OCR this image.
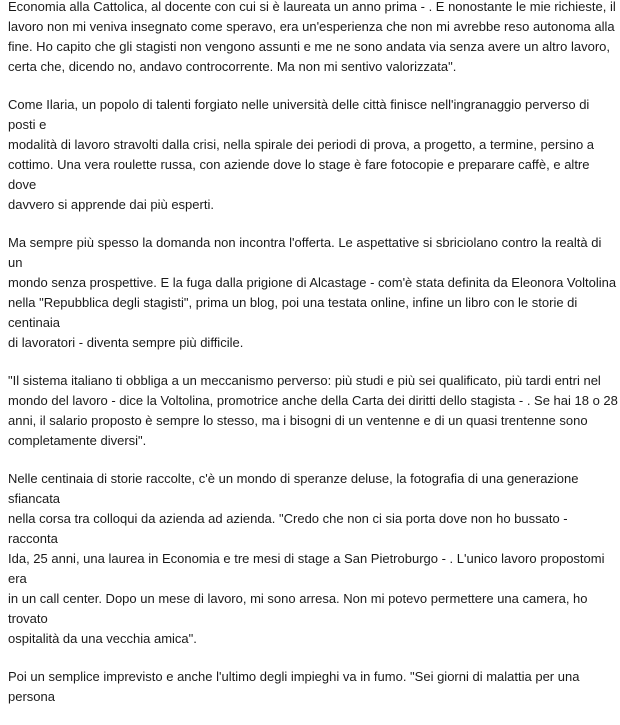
Economia alla Cattolica, al docente con cui si è laureata un anno prima - . E nonostante le mie richieste, il
lavoro non mi veniva insegnato come speravo, era un'esperienza che non mi avrebbe reso autonoma alla
fine. Ho capito che gli stagisti non vengono assunti e me ne sono andata via senza avere un altro lavoro,
certa che, dicendo no, andavo controcorrente. Ma non mi sentivo valorizzata".

Come Ilaria, un popolo di talenti forgiato nelle università delle città finisce nell'ingranaggio perverso di posti e
modalità di lavoro stravolti dalla crisi, nella spirale dei periodi di prova, a progetto, a termine, persino a
cottimo. Una vera roulette russa, con aziende dove lo stage è fare fotocopie e preparare caffè, e altre dove
davvero si apprende dai più esperti.

Ma sempre più spesso la domanda non incontra l'offerta. Le aspettative si sbriciolano contro la realtà di un
mondo senza prospettive. E la fuga dalla prigione di Alcastage - com'è stata definita da Eleonora Voltolina
nella "Repubblica degli stagisti", prima un blog, poi una testata online, infine un libro con le storie di centinaia
di lavoratori - diventa sempre più difficile.

"Il sistema italiano ti obbliga a un meccanismo perverso: più studi e più sei qualificato, più tardi entri nel
mondo del lavoro - dice la Voltolina, promotrice anche della Carta dei diritti dello stagista - . Se hai 18 o 28
anni, il salario proposto è sempre lo stesso, ma i bisogni di un ventenne e di un quasi trentenne sono
completamente diversi".

Nelle centinaia di storie raccolte, c'è un mondo di speranze deluse, la fotografia di una generazione sfiancata
nella corsa tra colloqui da azienda ad azienda. "Credo che non ci sia porta dove non ho bussato - racconta
Ida, 25 anni, una laurea in Economia e tre mesi di stage a San Pietroburgo - . L'unico lavoro propostomi era
in un call center. Dopo un mese di lavoro, mi sono arresa. Non mi potevo permettere una camera, ho trovato
ospitalità da una vecchia amica".

Poi un semplice imprevisto e anche l'ultimo degli impieghi va in fumo. "Sei giorni di malattia per una persona
